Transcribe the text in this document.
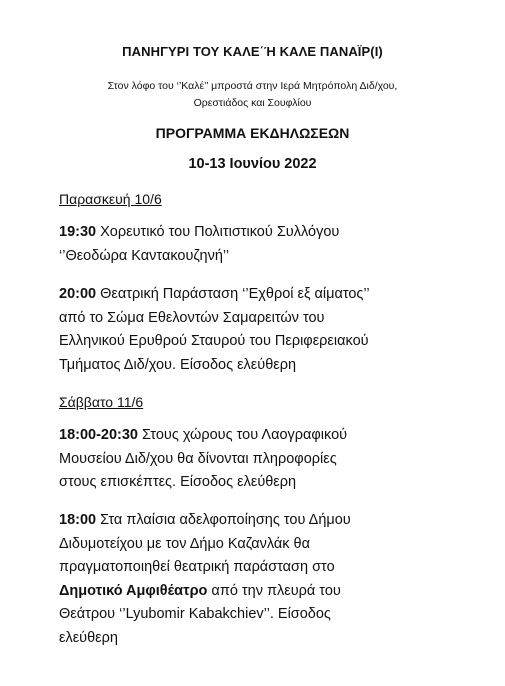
ΠΑΝΗΓΥΡΙ ΤΟΥ ΚΑΛΕ΄Ή ΚΑΛΕ ΠΑΝΑΪΡ(Ι)
Στον λόφο του ‘’Καλέ’’ μπροστά στην Ιερά Μητρόπολη Διδ/χου,
Ορεστιάδος και Σουφλίου
ΠΡΟΓΡΑΜΜΑ ΕΚΔΗΛΩΣΕΩΝ
10-13 Ιουνίου 2022
Παρασκευή 10/6
19:30 Χορευτικό του Πολιτιστικού Συλλόγου
‘’Θεοδώρα Καντακουζηνή’’
20:00 Θεατρική Παράσταση ‘’Εχθροί εξ αίματος’’
από το Σώμα Εθελοντών Σαμαρειτών του
Ελληνικού Ερυθρού Σταυρού του Περιφερειακού
Τμήματος Διδ/χου. Είσοδος ελεύθερη
Σάββατο 11/6
18:00-20:30 Στους χώρους του Λαογραφικού
Μουσείου Διδ/χου θα δίνονται πληροφορίες
στους επισκέπτες. Είσοδος ελεύθερη
18:00 Στα πλαίσια αδελφοποίησης του Δήμου
Διδυμοτείχου με τον Δήμο Καζανλάκ θα
πραγματοποιηθεί θεατρική παράσταση στο
Δημοτικό Αμφιθέατρο από την πλευρά του
Θεάτρου ‘’Lyubomir Kabakchiev’’. Είσοδος
ελεύθερη
